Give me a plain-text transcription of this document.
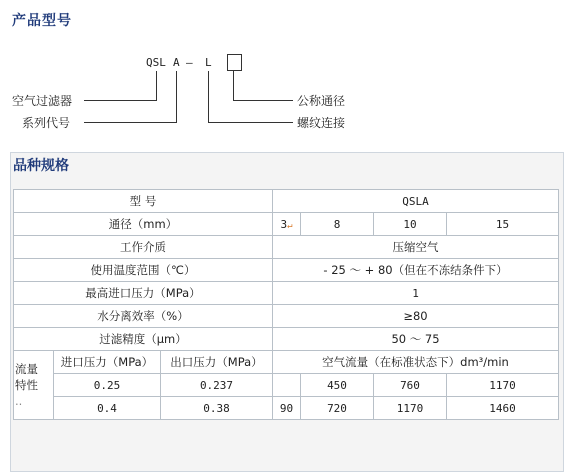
产品型号
QSL A — L
空气过滤器
系列代号
公称通径
螺纹连接
品种规格
型 号			QSLA			
通径（mm）			3↵	8	10	15
工作介质			压缩空气			
使用温度范围（℃）			- 25 ～ + 80（但在不冻结条件下）			
最高进口压力（MPa）			1			
水分离效率（%）			≥80			
过滤精度（μm）			50 ～ 75			

流量
特性
..	进口压力（MPa）	出口压力（MPa）	空气流量（在标准状态下）dm³/min			
	0.25	0.237		450	760	1170
	0.4	0.38	90	720	1170	1460
